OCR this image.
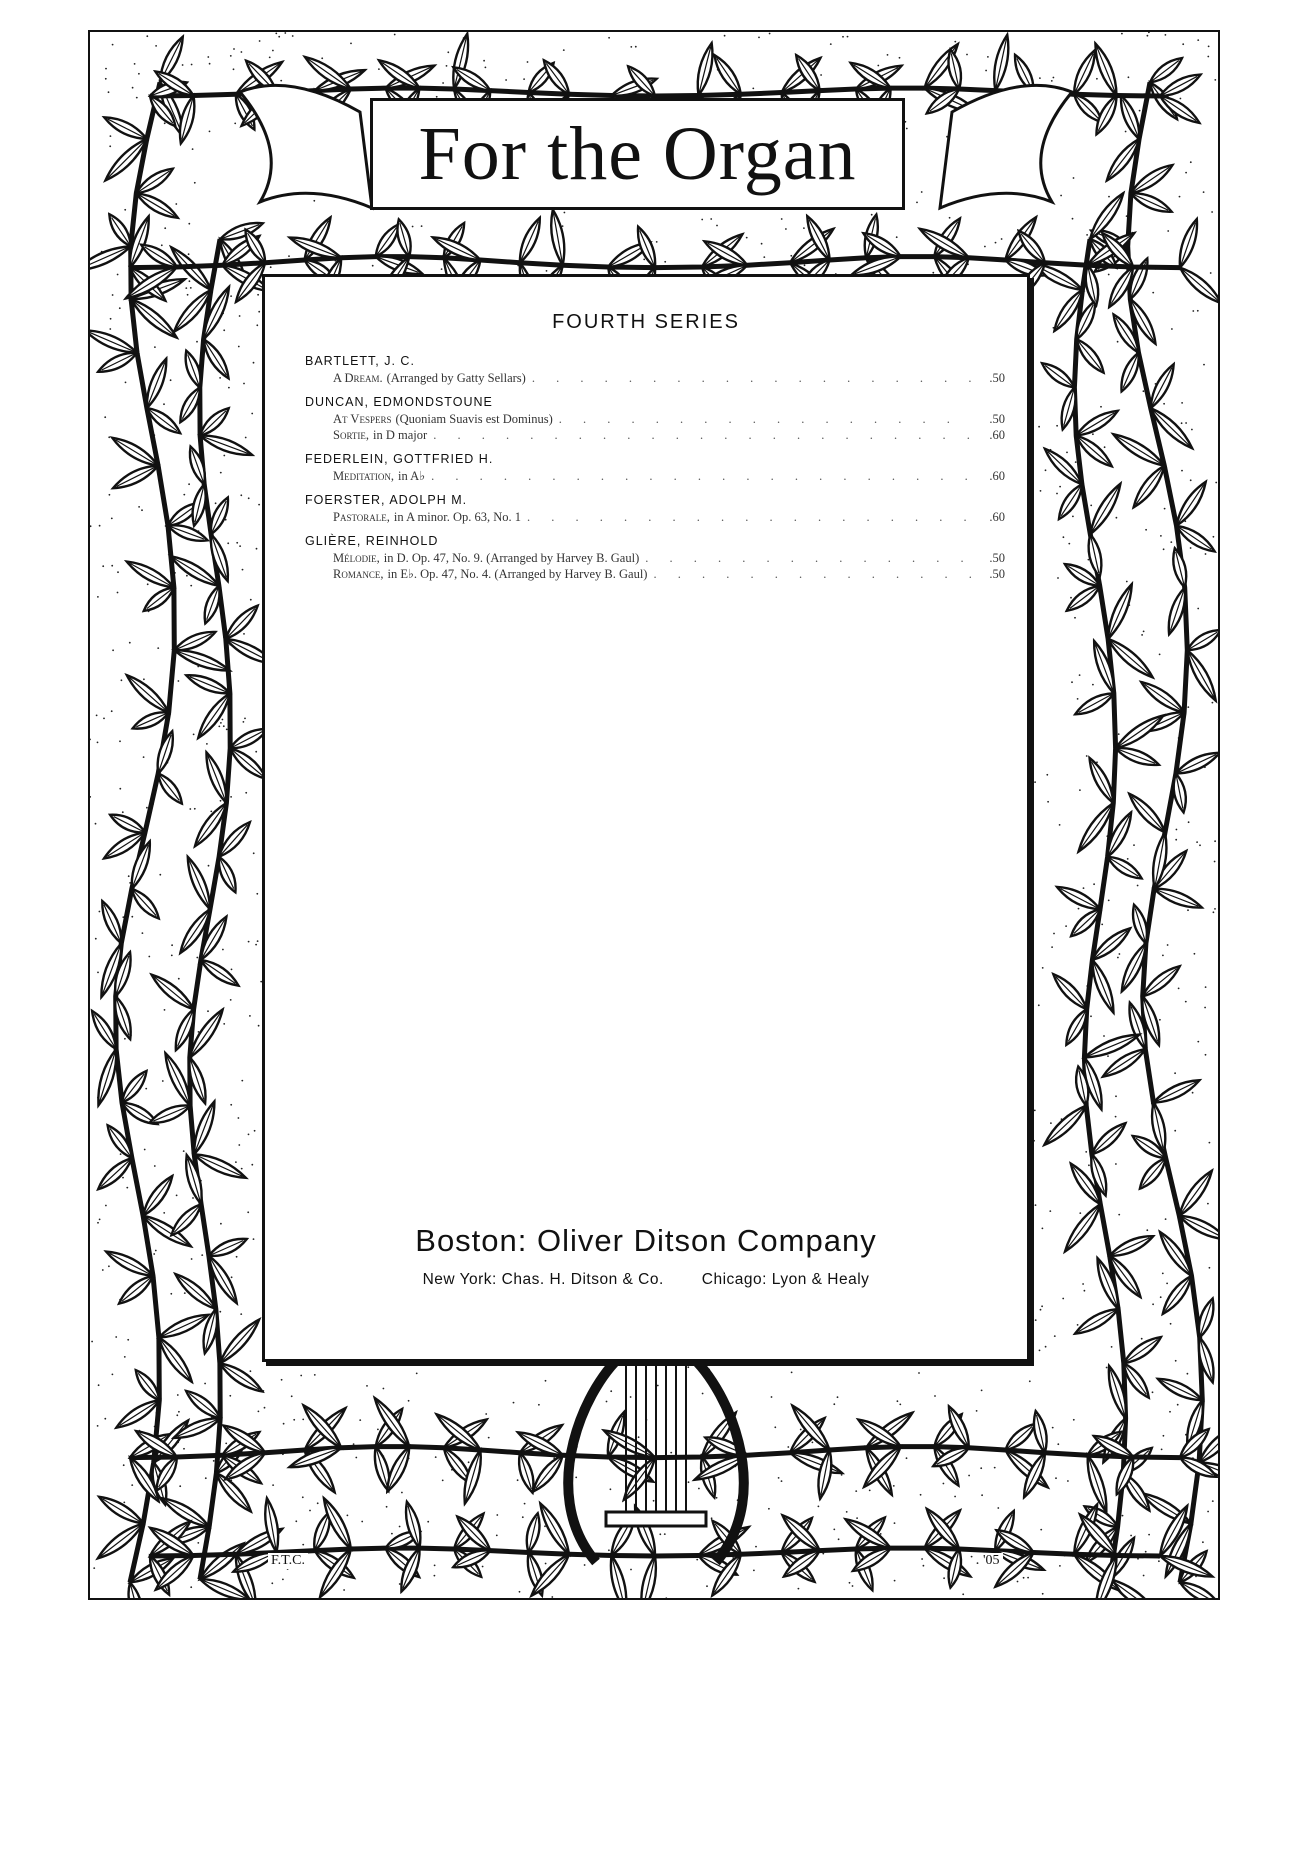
For the Organ
FOURTH SERIES
BARTLETT, J. C.
A Dream. (Arranged by Gatty Sellars) . . .	.50
DUNCAN, EDMONDSTOUNE
At Vespers (Quoniam Suavis est Dominus) . . .	.50
Sortie, in D major . . .	.60
FEDERLEIN, GOTTFRIED H.
Meditation, in A♭ . . .	.60
FOERSTER, ADOLPH M.
Pastorale, in A minor. Op. 63, No. 1 . . .	.60
GLIÈRE, REINHOLD
Mélodie, in D. Op. 47, No. 9. (Arranged by Harvey B. Gaul) . . .	.50
Romance, in E♭. Op. 47, No. 4. (Arranged by Harvey B. Gaul) . . .	.50
Boston: Oliver Ditson Company
New York: Chas. H. Ditson & Co. Chicago: Lyon & Healy
F.T.C.	'05
